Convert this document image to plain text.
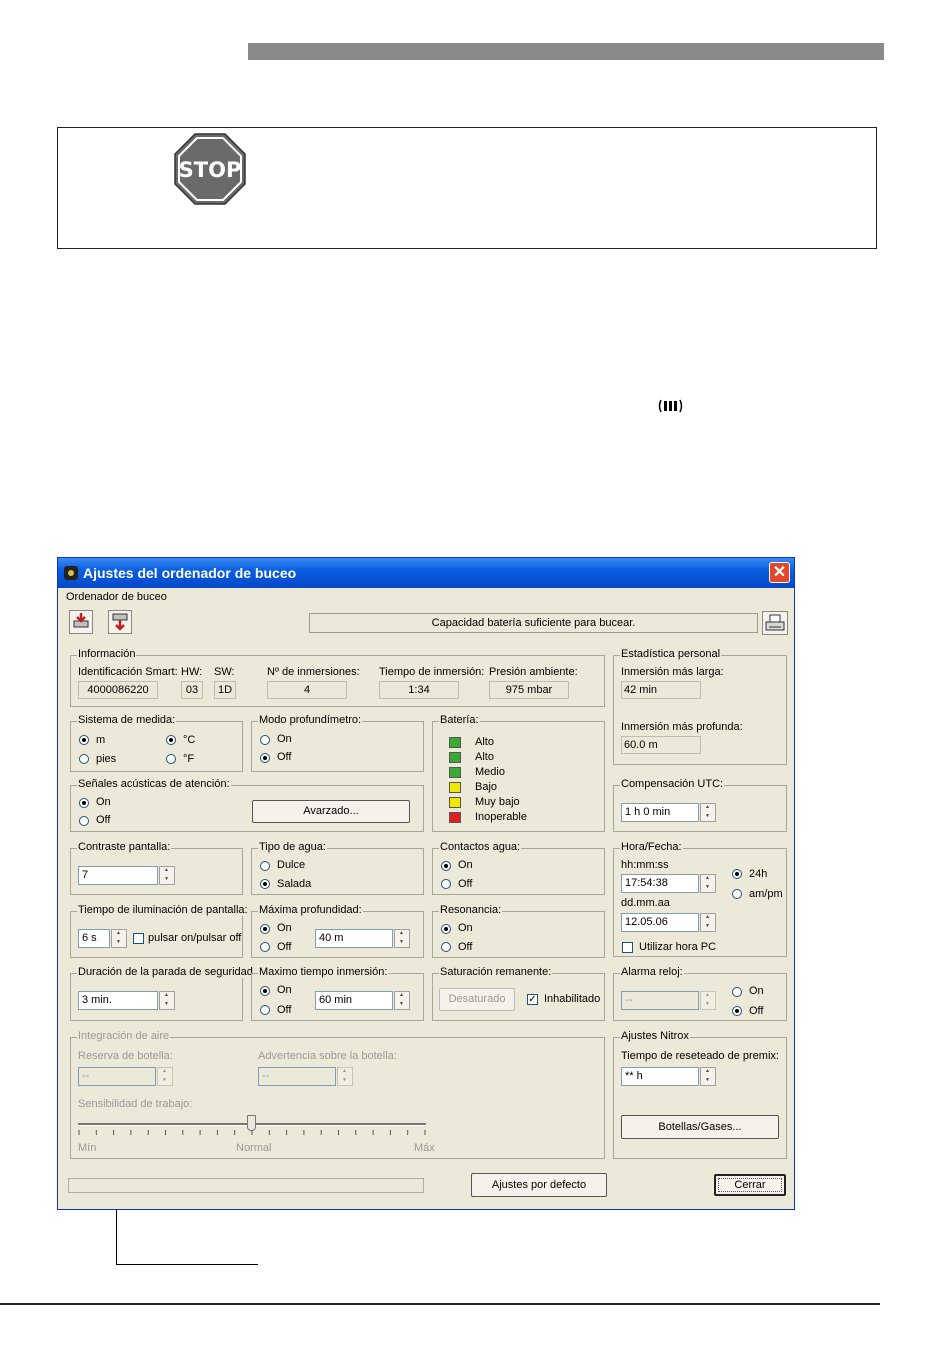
STOP
Ajustes del ordenador de buceo	✕
Ordenador de buceo
Capacidad batería suficiente para bucear.
Información
Identificación Smart:
4000086220
HW:
03
SW:
1D
Nº de inmersiones:
4
Tiempo de inmersión:
1:34
Presión ambiente:
975 mbar
Estadística personal
Inmersión más larga:
42 min
Inmersión más profunda:
60.0 m
Sistema de medida:
m
pies
°C
°F
Modo profundímetro:
On
Off
Batería:
Alto
Alto
Medio
Bajo
Muy bajo
Inoperable
Señales acústicas de atención:
On
Off
Avarzado...
Compensación UTC:
1 h 0 min
▲ ▼
Contraste pantalla:
7
▲ ▼
Tipo de agua:
Dulce
Salada
Contactos agua:
On
Off
Hora/Fecha:
hh:mm:ss
17:54:38
▲ ▼
dd.mm.aa
12.05.06
▲ ▼
24h
am/pm
Utilizar hora PC
Tiempo de iluminación de pantalla:
6 s
▲ ▼	pulsar on/pulsar off
Máxima profundidad:
On
Off
40 m
▲ ▼
Resonancia:
On
Off
Duración de la parada de seguridad
3 min.
▲ ▼
Maximo tiempo inmersión:
On
Off
60 min
▲ ▼
Saturación remanente:
Desaturado	✓ Inhabilitado
Alarma reloj:
--
▲ ▼
On
Off
Integración de aire
Reserva de botella:
--
▲ ▼
Advertencia sobre la botella:
--
▲ ▼
Sensibilidad de trabajo:
Mín	Normal	Máx
Ajustes Nitrox
Tiempo de reseteado de premix:
** h
▲ ▼
Botellas/Gases...
Ajustes por defecto	Cerrar
